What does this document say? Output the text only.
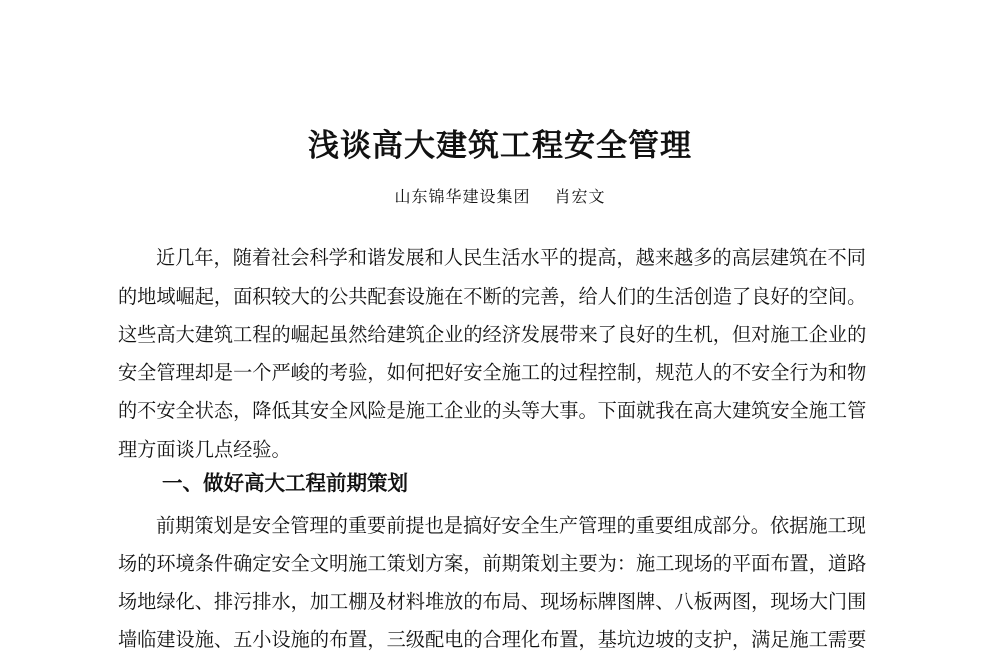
浅谈高大建筑工程安全管理
山东锦华建设集团 肖宏文
近几年，随着社会科学和谐发展和人民生活水平的提高，越来越多的高层建筑在不同
的地域崛起，面积较大的公共配套设施在不断的完善，给人们的生活创造了良好的空间。
这些高大建筑工程的崛起虽然给建筑企业的经济发展带来了良好的生机，但对施工企业的
安全管理却是一个严峻的考验，如何把好安全施工的过程控制，规范人的不安全行为和物
的不安全状态，降低其安全风险是施工企业的头等大事。下面就我在高大建筑安全施工管
理方面谈几点经验。
一、做好高大工程前期策划
前期策划是安全管理的重要前提也是搞好安全生产管理的重要组成部分。依据施工现
场的环境条件确定安全文明施工策划方案，前期策划主要为：施工现场的平面布置，道路
场地绿化、排污排水，加工棚及材料堆放的布局、现场标牌图牌、八板两图，现场大门围
墙临建设施、五小设施的布置，三级配电的合理化布置，基坑边坡的支护，满足施工需要
